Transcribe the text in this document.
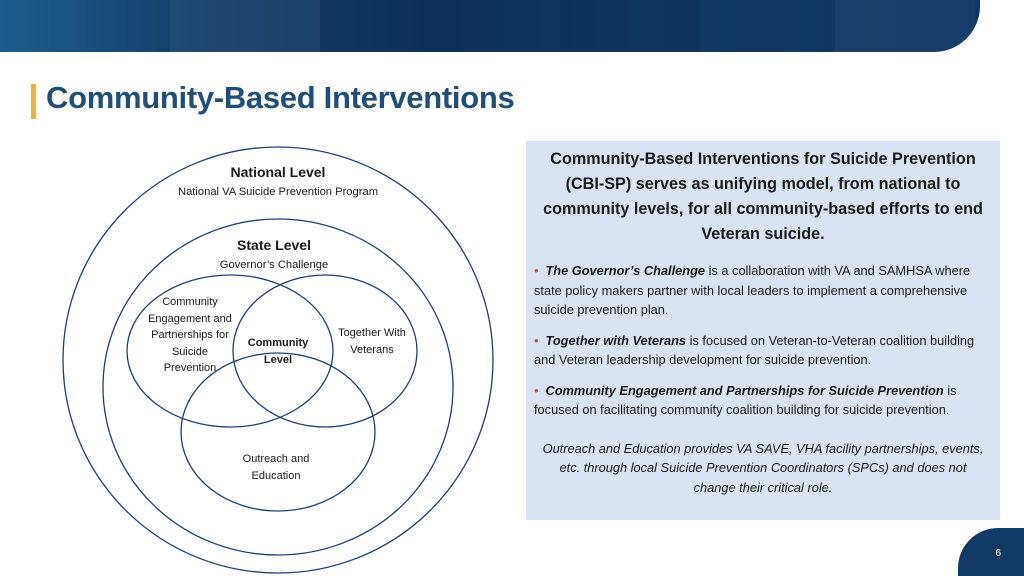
Community-Based Interventions
National Level
National VA Suicide Prevention Program
State Level
Governor’s Challenge
Community
Engagement and
Partnerships for
Suicide
Prevention
Together With
Veterans
Community
Level
Outreach and
Education

Community-Based Interventions for Suicide Prevention (CBI-SP) serves as unifying model, from national to community levels, for all community-based efforts to end Veteran suicide.

• The Governor’s Challenge is a collaboration with VA and SAMHSA where state policy makers partner with local leaders to implement a comprehensive suicide prevention plan.

• Together with Veterans is focused on Veteran-to-Veteran coalition building and Veteran leadership development for suicide prevention.

• Community Engagement and Partnerships for Suicide Prevention is focused on facilitating community coalition building for suicide prevention.

Outreach and Education provides VA SAVE, VHA facility partnerships, events, etc. through local Suicide Prevention Coordinators (SPCs) and does not change their critical role.

6
